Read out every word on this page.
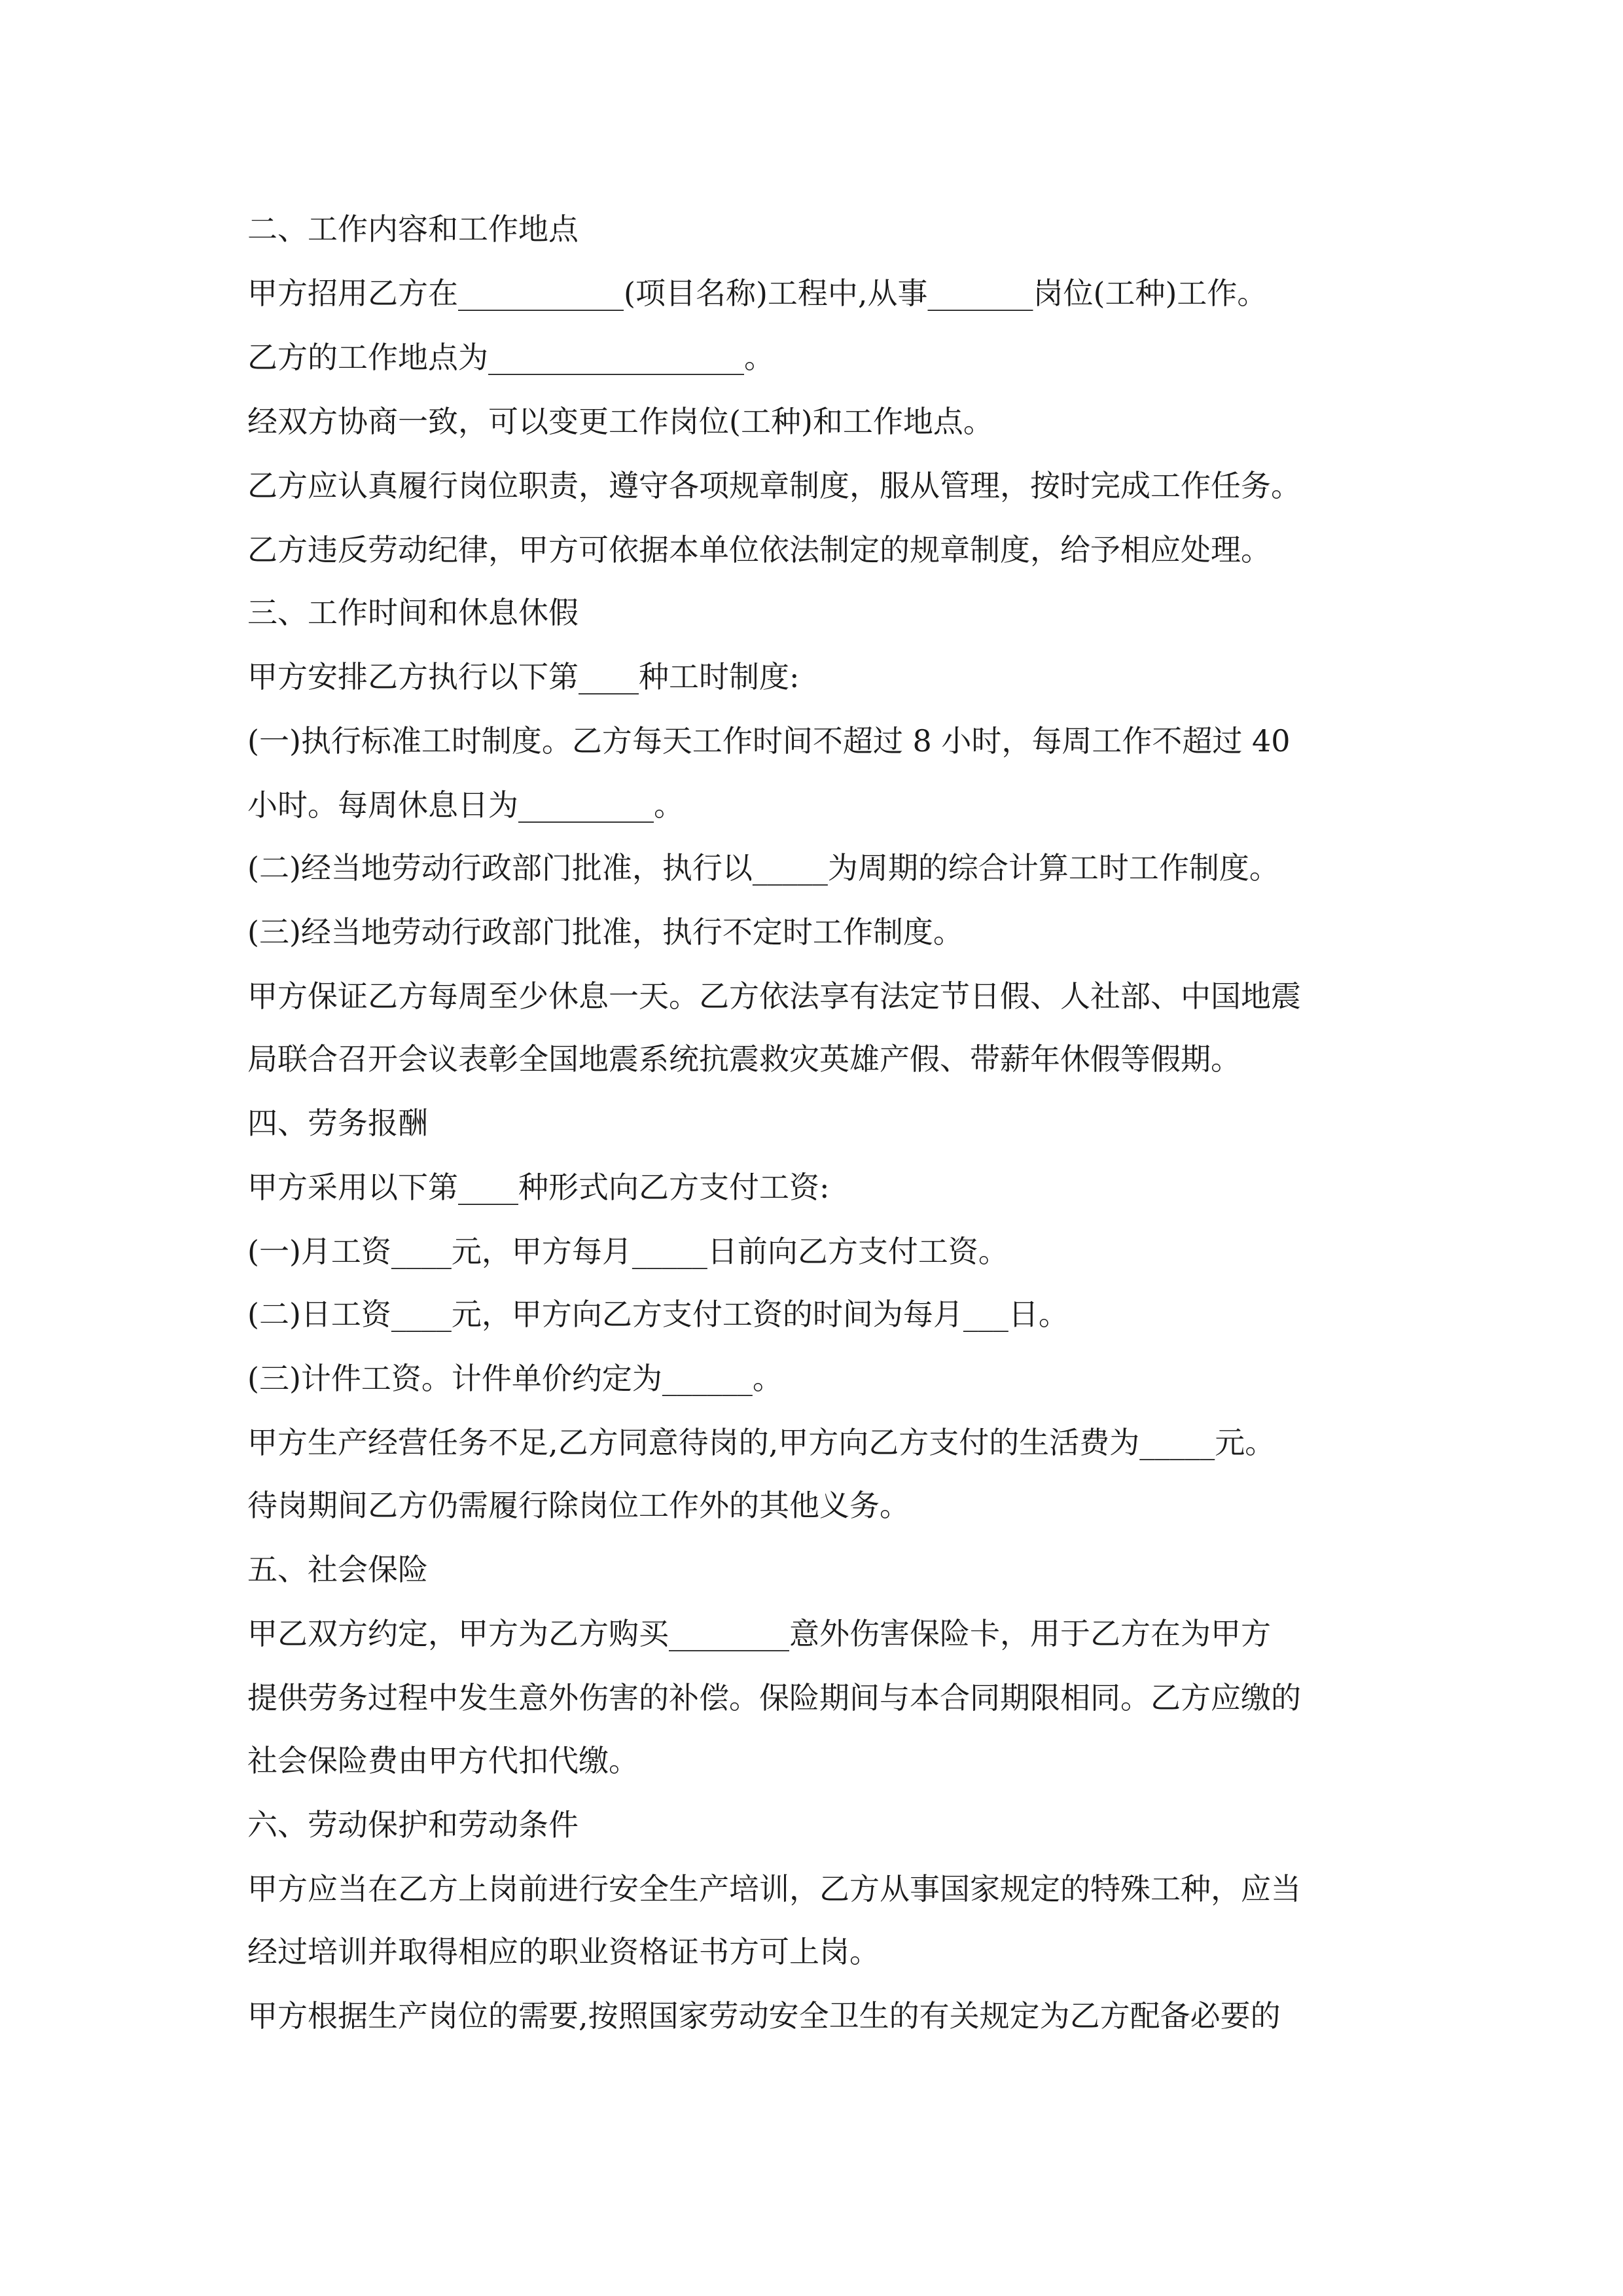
二、工作内容和工作地点
甲方招用乙方在___________(项目名称)工程中,从事_______岗位(工种)工作。
乙方的工作地点为_________________。
经双方协商一致，可以变更工作岗位(工种)和工作地点。
乙方应认真履行岗位职责，遵守各项规章制度，服从管理，按时完成工作任务。
乙方违反劳动纪律，甲方可依据本单位依法制定的规章制度，给予相应处理。
三、工作时间和休息休假
甲方安排乙方执行以下第____种工时制度:
(一)执行标准工时制度。乙方每天工作时间不超过 8 小时，每周工作不超过 40
小时。每周休息日为_________。
(二)经当地劳动行政部门批准，执行以_____为周期的综合计算工时工作制度。
(三)经当地劳动行政部门批准，执行不定时工作制度。
甲方保证乙方每周至少休息一天。乙方依法享有法定节日假、人社部、中国地震
局联合召开会议表彰全国地震系统抗震救灾英雄产假、带薪年休假等假期。
四、劳务报酬
甲方采用以下第____种形式向乙方支付工资:
(一)月工资____元，甲方每月_____日前向乙方支付工资。
(二)日工资____元，甲方向乙方支付工资的时间为每月___日。
(三)计件工资。计件单价约定为______。
甲方生产经营任务不足,乙方同意待岗的,甲方向乙方支付的生活费为_____元。
待岗期间乙方仍需履行除岗位工作外的其他义务。
五、社会保险
甲乙双方约定，甲方为乙方购买________意外伤害保险卡，用于乙方在为甲方
提供劳务过程中发生意外伤害的补偿。保险期间与本合同期限相同。乙方应缴的
社会保险费由甲方代扣代缴。
六、劳动保护和劳动条件
甲方应当在乙方上岗前进行安全生产培训，乙方从事国家规定的特殊工种，应当
经过培训并取得相应的职业资格证书方可上岗。
甲方根据生产岗位的需要,按照国家劳动安全卫生的有关规定为乙方配备必要的
